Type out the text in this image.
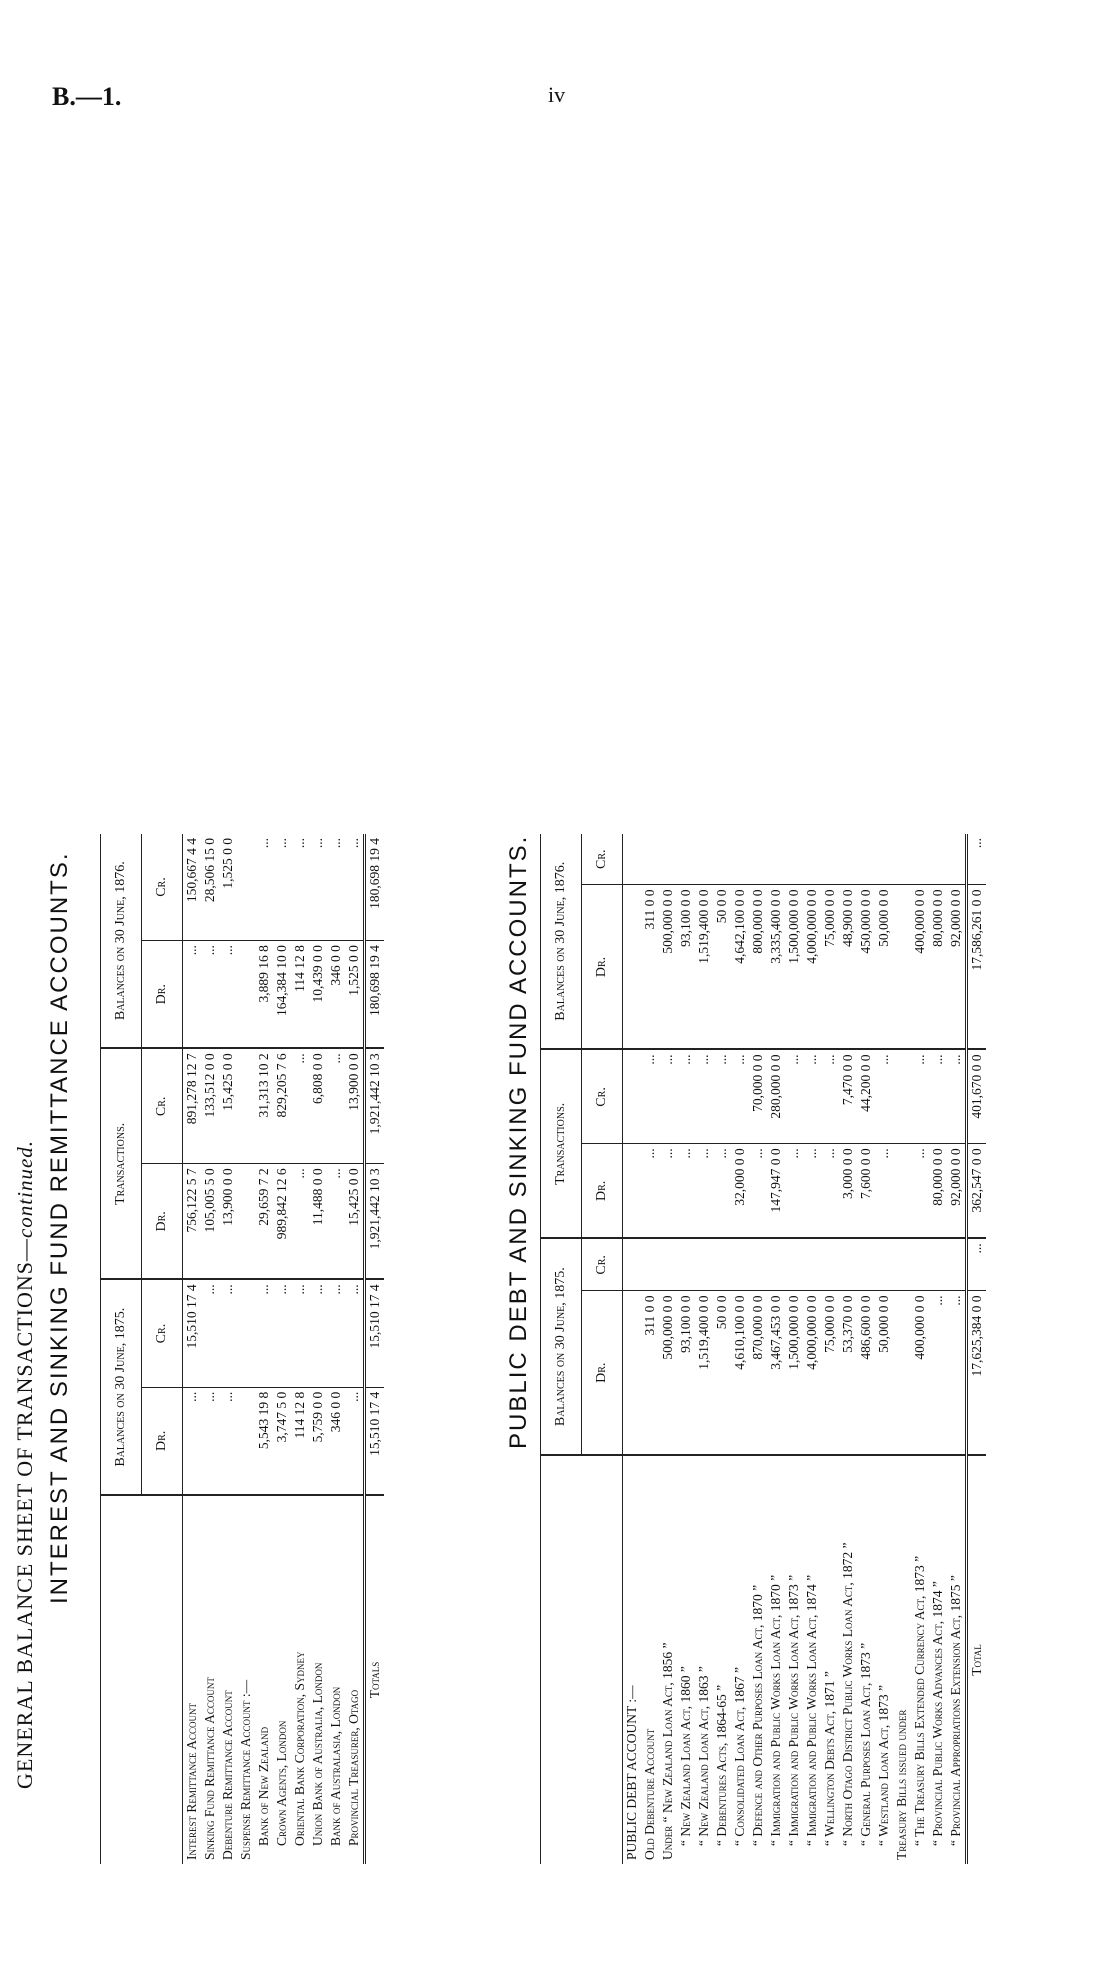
B.—1.	iv
GENERAL BALANCE SHEET OF TRANSACTIONS—continued. INTEREST AND SINKING FUND REMITTANCE ACCOUNTS.
		Balances on 30 June, 1875.		Transactions.		Balances on 30 June, 1876.	
	Dr.	Cr.	Dr.	Cr.	Dr.	Cr.
Interest Remittance Account	...	15,510 17 4	756,122 5 7	891,278 12 7	...	150,667 4 4
Sinking Fund Remittance Account	...	...	105,005 5 0	133,512 0 0	...	28,506 15 0
Debenture Remittance Account	...	...	13,900 0 0	15,425 0 0	...	1,525 0 0
Suspense Remittance Account :—						
Bank of New Zealand	5,543 19 8	...	29,659 7 2	31,313 10 2	3,889 16 8	...
Crown Agents, London	3,747 5 0	...	989,842 12 6	829,205 7 6	164,384 10 0	...
Oriental Bank Corporation, Sydney	114 12 8	...	...	...	114 12 8	...
Union Bank of Australia, London	5,759 0 0	...	11,488 0 0	6,808 0 0	10,439 0 0	...
Bank of Australasia, London	346 0 0	...	...	...	346 0 0	...
Provincial Treasurer, Otago	...	...	15,425 0 0	13,900 0 0	1,525 0 0	...
Totals	15,510 17 4	15,510 17 4	1,921,442 10 3	1,921,442 10 3	180,698 19 4	180,698 19 4	PUBLIC DEBT AND SINKING FUND ACCOUNTS.
	Balances on 30 June, 1875.		Transactions.		Balances on 30 June, 1876.	
	Dr.	Cr.	Dr.	Cr.	Dr.	Cr.
PUBLIC DEBT ACCOUNT :—						
Old Debenture Account	311 0 0		...	...	311 0 0	
Under “ New Zealand Loan Act, 1856 ”	500,000 0 0		...	...	500,000 0 0	
“ New Zealand Loan Act, 1860 ”	93,100 0 0		...	...	93,100 0 0	
“ New Zealand Loan Act, 1863 ”	1,519,400 0 0		...	...	1,519,400 0 0	
“ Debentures Acts, 1864-65 ”	50 0 0		...	...	50 0 0	
“ Consolidated Loan Act, 1867 ”	4,610,100 0 0		32,000 0 0	...	4,642,100 0 0	
“ Defence and Other Purposes Loan Act, 1870 ”	870,000 0 0		...	70,000 0 0	800,000 0 0	
“ Immigration and Public Works Loan Act, 1870 ”	3,467,453 0 0		147,947 0 0	280,000 0 0	3,335,400 0 0	
“ Immigration and Public Works Loan Act, 1873 ”	1,500,000 0 0		...	...	1,500,000 0 0	
“ Immigration and Public Works Loan Act, 1874 ”	4,000,000 0 0		...	...	4,000,000 0 0	
“ Wellington Debts Act, 1871 ”	75,000 0 0		...	...	75,000 0 0	
“ North Otago District Public Works Loan Act, 1872 ”	53,370 0 0		3,000 0 0	7,470 0 0	48,900 0 0	
“ General Purposes Loan Act, 1873 ”	486,600 0 0		7,600 0 0	44,200 0 0	450,000 0 0	
“ Westland Loan Act, 1873 ”	50,000 0 0		...	...	50,000 0 0	
Treasury Bills issued under						
“ The Treasury Bills Extended Currency Act, 1873 ”	400,000 0 0		...	...	400,000 0 0	
“ Provincial Public Works Advances Act, 1874 ”	...		80,000 0 0	...	80,000 0 0	
“ Provincial Appropriations Extension Act, 1875 ”	...		92,000 0 0	...	92,000 0 0	
Total	17,625,384 0 0	...	362,547 0 0	401,670 0 0	17,586,261 0 0	...
